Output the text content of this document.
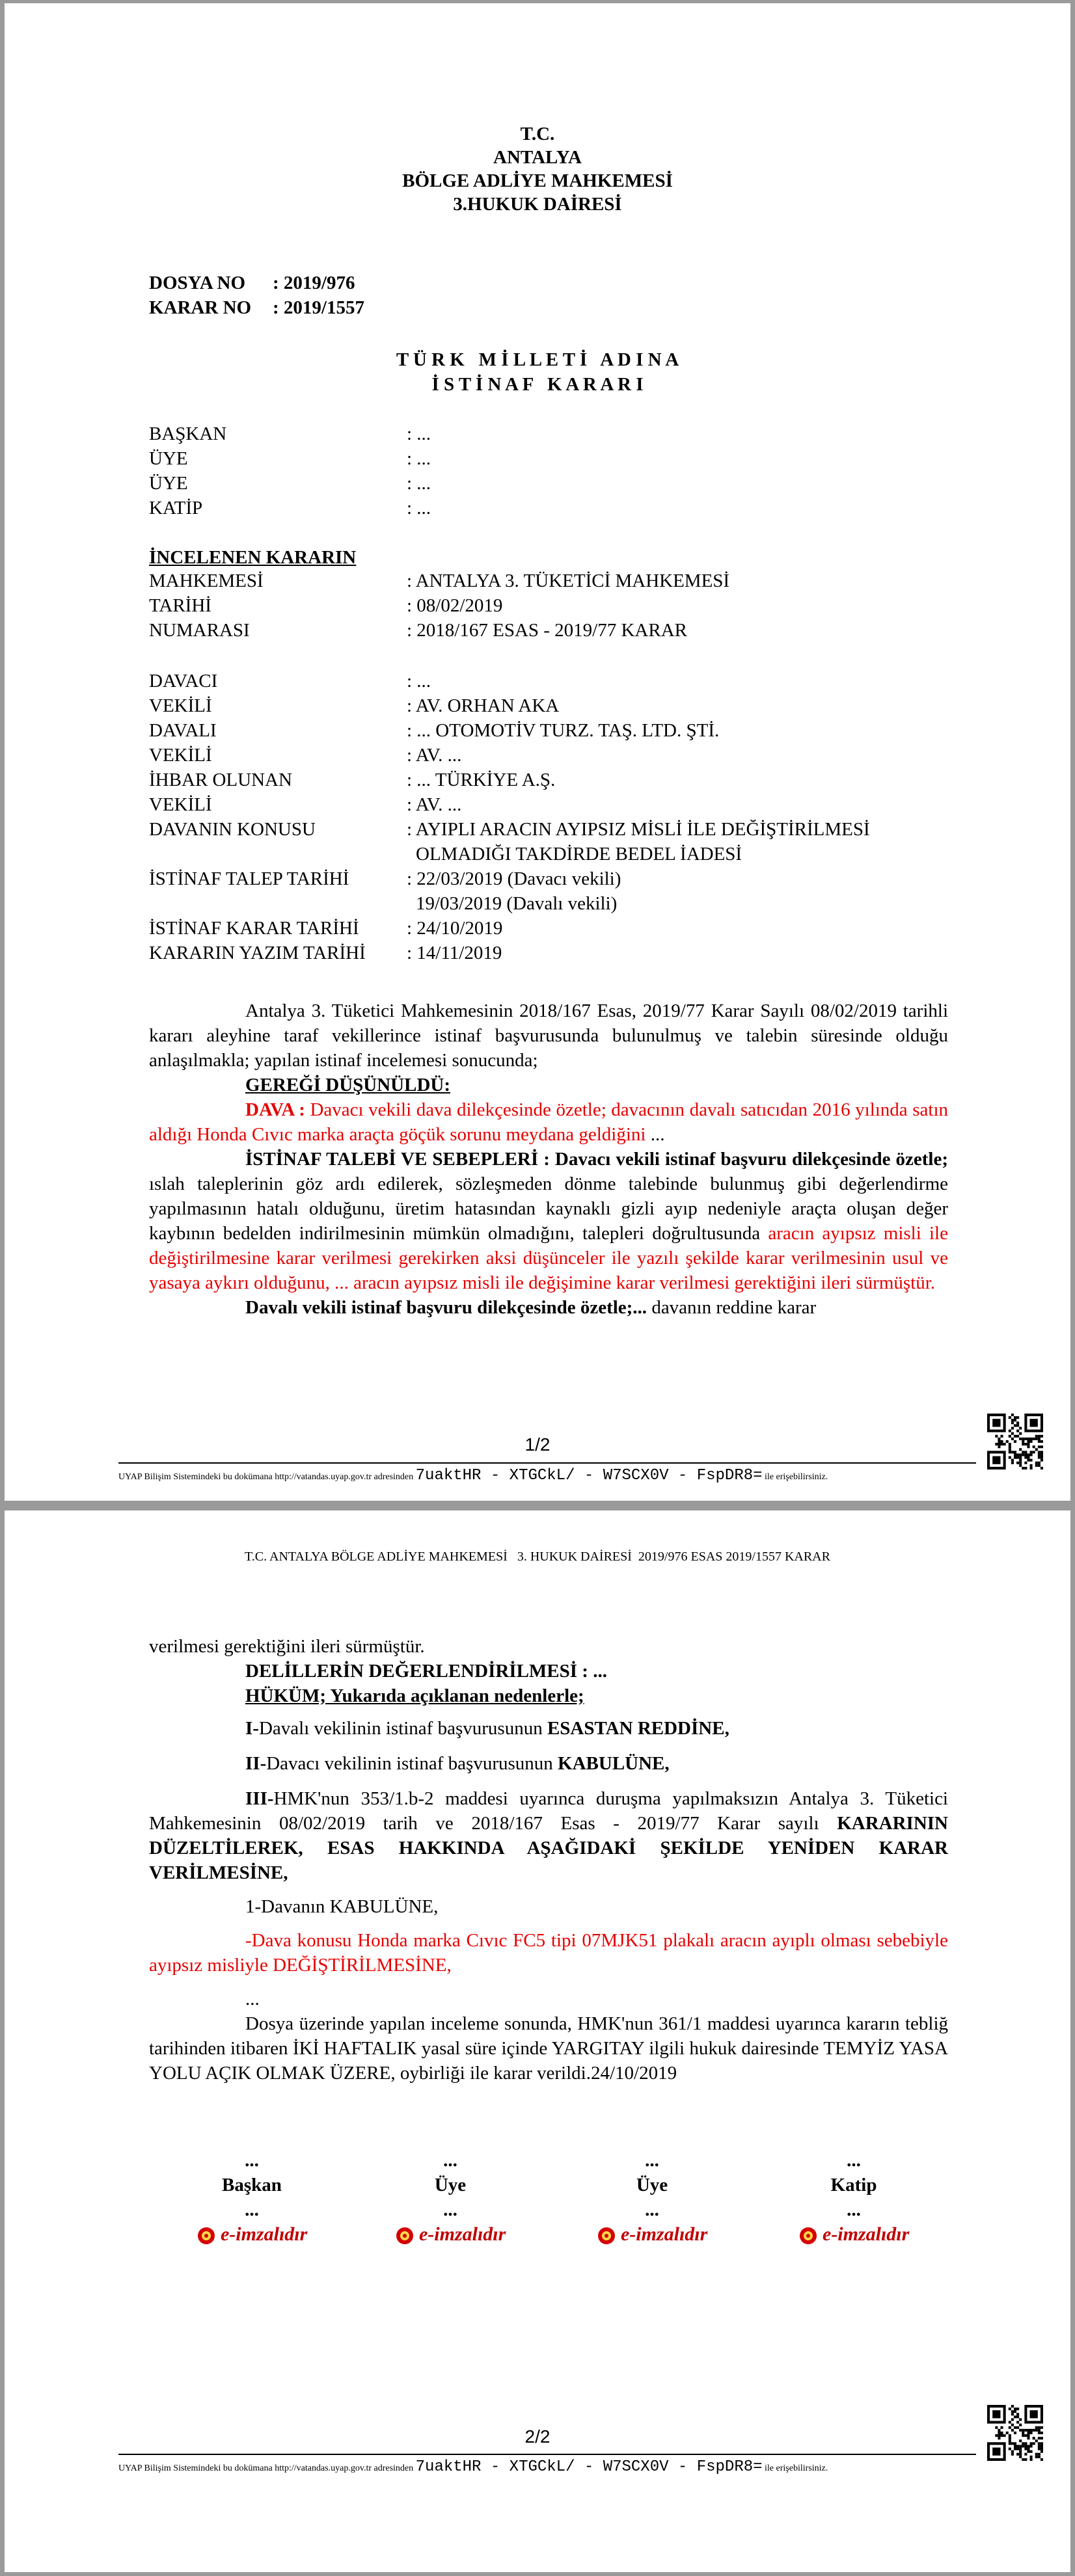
T.C.
ANTALYA
BÖLGE ADLİYE MAHKEMESİ
3.HUKUK DAİRESİ
DOSYA NO : 2019/976
KARAR NO : 2019/1557
T Ü R K   M İ L L E T İ   A D I N A
İ S T İ N A F   K A R A R I
BAŞKAN	: ...
ÜYE	: ...
ÜYE	: ...
KATİP	: ...
İNCELENEN KARARIN
MAHKEMESİ	: ANTALYA 3. TÜKETİCİ MAHKEMESİ
TARİHİ	: 08/02/2019
NUMARASI	: 2018/167 ESAS - 2019/77 KARAR
DAVACI	: ...
VEKİLİ	: AV. ORHAN AKA
DAVALI	: ... OTOMOTİV TURZ. TAŞ. LTD. ŞTİ.
VEKİLİ	: AV. ...
İHBAR OLUNAN	: ... TÜRKİYE A.Ş.
VEKİLİ	: AV. ...
DAVANIN KONUSU	: AYIPLI ARACIN AYIPSIZ MİSLİ İLE DEĞİŞTİRİLMESİ
OLMADIĞI TAKDİRDE BEDEL İADESİ
İSTİNAF TALEP TARİHİ	: 22/03/2019 (Davacı vekili)
19/03/2019 (Davalı vekili)
İSTİNAF KARAR TARİHİ	: 24/10/2019
KARARIN YAZIM TARİHİ : 14/11/2019
Antalya 3. Tüketici Mahkemesinin 2018/167 Esas, 2019/77 Karar Sayılı 08/02/2019 tarihli kararı aleyhine taraf vekillerince istinaf başvurusunda bulunulmuş ve talebin süresinde olduğu anlaşılmakla; yapılan istinaf incelemesi sonucunda;
GEREĞİ DÜŞÜNÜLDÜ:
DAVA : Davacı vekili dava dilekçesinde özetle; davacının davalı satıcıdan 2016 yılında satın aldığı Honda Cıvıc marka araçta göçük sorunu meydana geldiğini ...
İSTİNAF TALEBİ VE SEBEPLERİ : Davacı vekili istinaf başvuru dilekçesinde özetle; ıslah taleplerinin göz ardı edilerek, sözleşmeden dönme talebinde bulunmuş gibi değerlendirme yapılmasının hatalı olduğunu, üretim hatasından kaynaklı gizli ayıp nedeniyle araçta oluşan değer kaybının bedelden indirilmesinin mümkün olmadığını, talepleri doğrultusunda aracın ayıpsız misli ile değiştirilmesine karar verilmesi gerekirken aksi düşünceler ile yazılı şekilde karar verilmesinin usul ve yasaya aykırı olduğunu, ... aracın ayıpsız misli ile değişimine karar verilmesi gerektiğini ileri sürmüştür.
Davalı vekili istinaf başvuru dilekçesinde özetle;... davanın reddine karar
1/2
UYAP Bilişim Sistemindeki bu dokümana http://vatandas.uyap.gov.tr adresinden 7uaktHR - XTGCkL/ - W7SCX0V - FspDR8= ile erişebilirsiniz.
T.C. ANTALYA BÖLGE ADLİYE MAHKEMESİ   3. HUKUK DAİRESİ  2019/976 ESAS 2019/1557 KARAR
verilmesi gerektiğini ileri sürmüştür.
DELİLLERİN DEĞERLENDİRİLMESİ : ...
HÜKÜM; Yukarıda açıklanan nedenlerle;
I-Davalı vekilinin istinaf başvurusunun ESASTAN REDDİNE,
II-Davacı vekilinin istinaf başvurusunun KABULÜNE,
III-HMK'nun 353/1.b-2 maddesi uyarınca duruşma yapılmaksızın Antalya 3. Tüketici Mahkemesinin 08/02/2019 tarih ve 2018/167 Esas - 2019/77 Karar sayılı KARARININ DÜZELTİLEREK, ESAS HAKKINDA AŞAĞIDAKİ ŞEKİLDE YENİDEN KARAR VERİLMESİNE,
1-Davanın KABULÜNE,
-Dava konusu Honda marka Cıvıc FC5 tipi 07MJK51 plakalı aracın ayıplı olması sebebiyle ayıpsız misliyle DEĞİŞTİRİLMESİNE,
...
Dosya üzerinde yapılan inceleme sonunda, HMK'nun 361/1 maddesi uyarınca kararın tebliğ tarihinden itibaren İKİ HAFTALIK yasal süre içinde YARGITAY ilgili hukuk dairesinde TEMYİZ YASA YOLU AÇIK OLMAK ÜZERE, oybirliği ile karar verildi.24/10/2019
...
Başkan
...
e-imzalıdır
...
Üye
...
e-imzalıdır
...
Üye
...
e-imzalıdır
...
Katip
...
e-imzalıdır
2/2
UYAP Bilişim Sistemindeki bu dokümana http://vatandas.uyap.gov.tr adresinden 7uaktHR - XTGCkL/ - W7SCX0V - FspDR8= ile erişebilirsiniz.
